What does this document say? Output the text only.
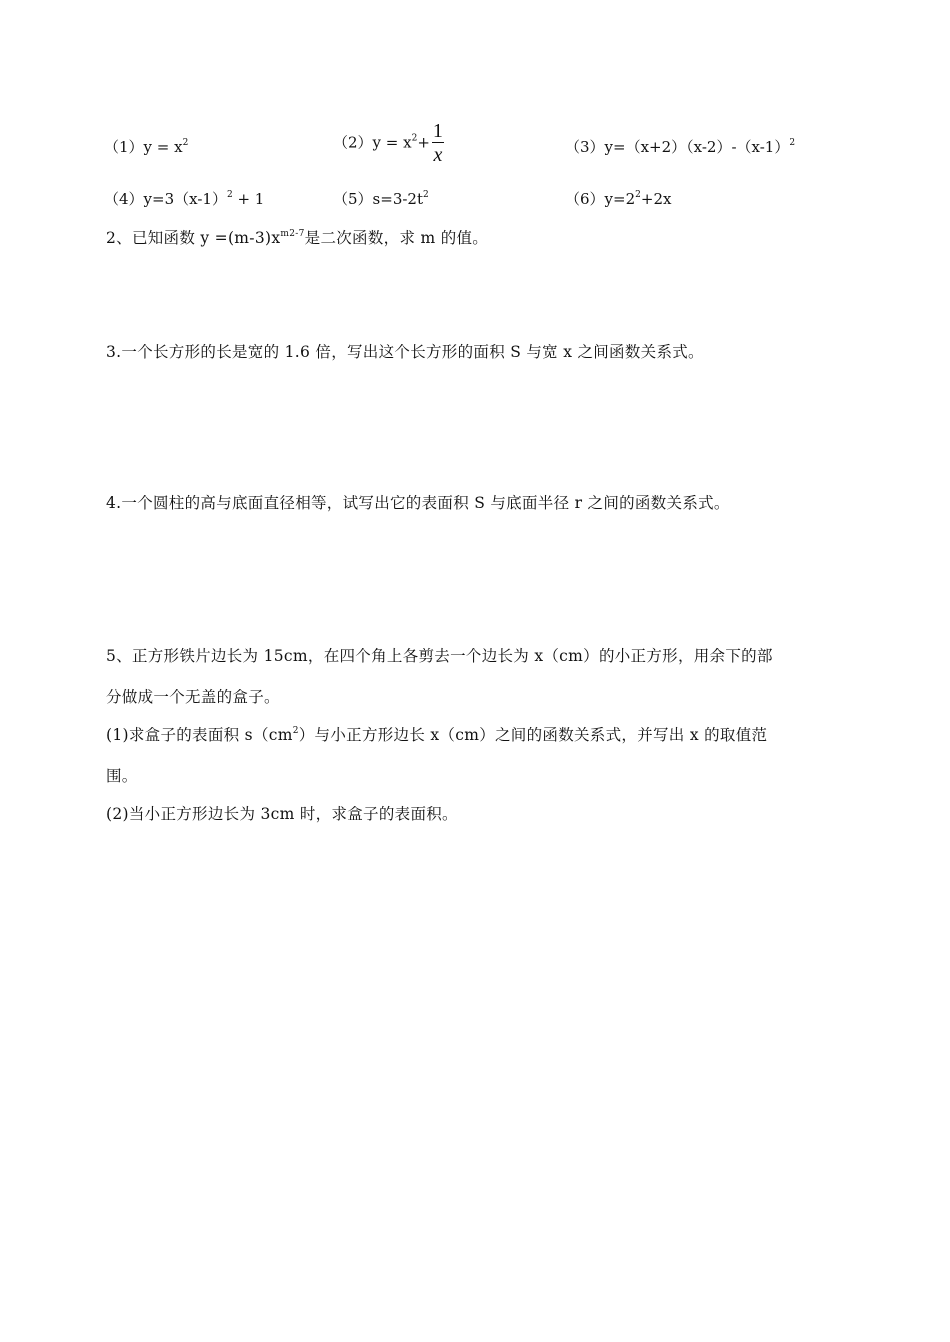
$(1)y = x^2$	$(2)y = x^2+ \frac{1}{x}$	$(3)y=(x+2)(x-2)-(x-1)^2$
$(4)y=3(x-1)^2 + 1$	$(5)s=3-2t^2$	$(6)y=2^2+2x$
2、已知函数 $y =(m-3)x^{m2-7}$是二次函数，求 m 的值。
3.一个长方形的长是宽的 1.6 倍，写出这个长方形的面积 S 与宽 x 之间函数关系式。
4.一个圆柱的高与底面直径相等，试写出它的表面积 S 与底面半径 r 之间的函数关系式。
5、正方形铁片边长为 15cm，在四个角上各剪去一个边长为 x（cm）的小正方形，用余下的部
分做成一个无盖的盒子。
(1)求盒子的表面积 $s(cm^2)$与小正方形边长 x（cm）之间的函数关系式，并写出 x 的取值范
围。
(2)当小正方形边长为 3cm 时，求盒子的表面积。
